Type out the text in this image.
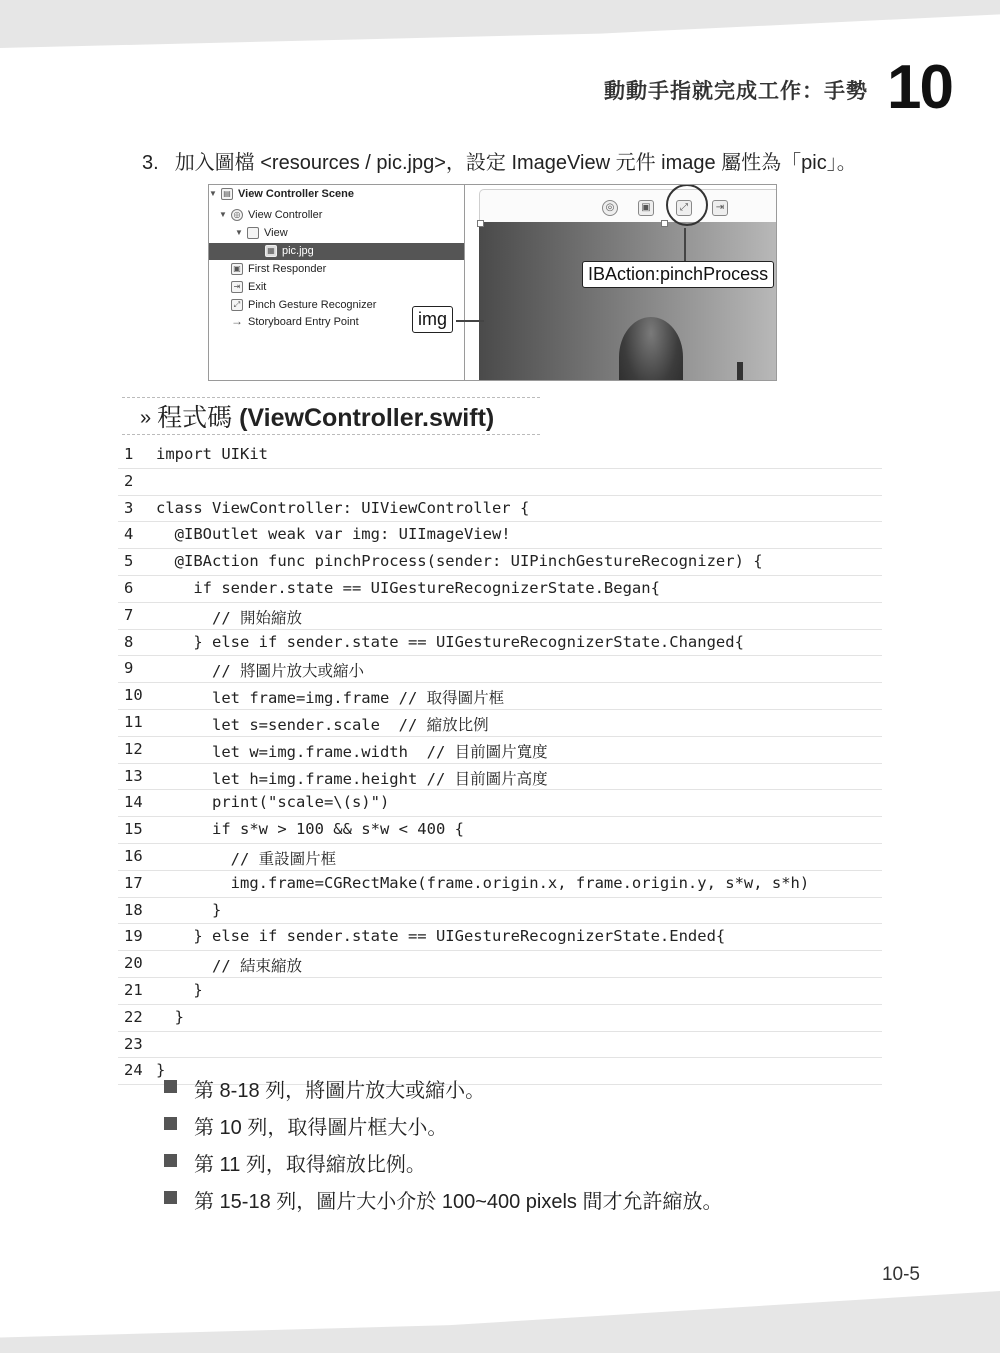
動動手指就完成工作：手勢 10
3. 加入圖檔 <resources / pic.jpg>，設定 ImageView 元件 image 屬性為「pic」。
▼ ▤ View Controller Scene
▼ ◎ View Controller
▼ View
▦ pic.jpg
▣ First Responder
⇥ Exit
⤢ Pinch Gesture Recognizer
→ Storyboard Entry Point
◎	▣	⤢	⇥
IBAction:pinchProcess
img
» 程式碼 (ViewController.swift)
1	import UIKit
2
3	class ViewController: UIViewController {
4	@IBOutlet weak var img: UIImageView!
5	@IBAction func pinchProcess(sender: UIPinchGestureRecognizer) {
6	if sender.state == UIGestureRecognizerState.Began{
7	// 開始縮放
8	} else if sender.state == UIGestureRecognizerState.Changed{
9	// 將圖片放大或縮小
10 let frame=img.frame // 取得圖片框
11 let s=sender.scale  // 縮放比例
12 let w=img.frame.width  // 目前圖片寬度
13 let h=img.frame.height // 目前圖片高度
14 print("scale=\(s)")
15 if s*w > 100 && s*w < 400 {
16 // 重設圖片框
17 img.frame=CGRectMake(frame.origin.x, frame.origin.y, s*w, s*h)
18 }
19 } else if sender.state == UIGestureRecognizerState.Ended{
20 // 結束縮放
21 }
22 }
23
24 }
第 8-18 列，將圖片放大或縮小。
第 10 列，取得圖片框大小。
第 11 列，取得縮放比例。
第 15-18 列，圖片大小介於 100~400 pixels 間才允許縮放。
10-5
